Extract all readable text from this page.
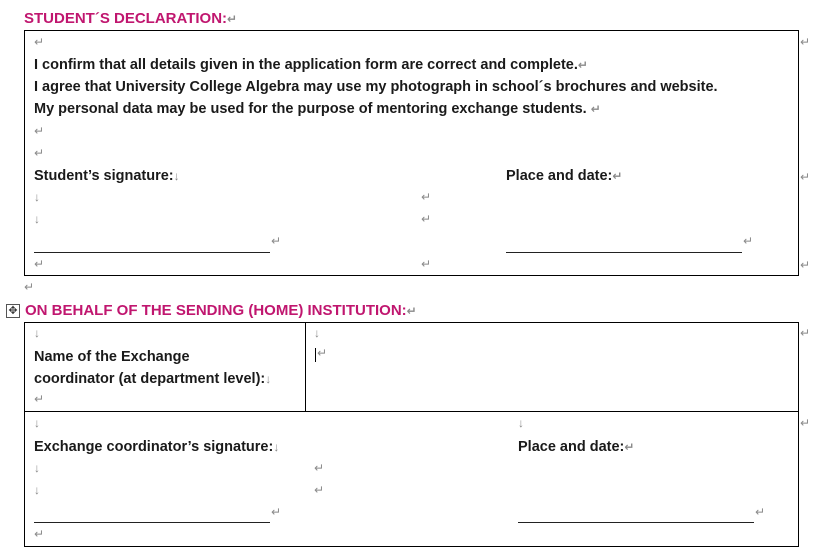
STUDENT´S DECLARATION:↵
↵	↵
I confirm that all details given in the application form are correct and complete.↵
I agree that University College Algebra may use my photograph in school´s brochures and website.
My personal data may be used for the purpose of mentoring exchange students. ↵
↵
↵
Student’s signature:↓	Place and date:↵	↵
↓
↓
↵
↵
↵	↵
↵	↵	↵
↵
✥ ON BEHALF OF THE SENDING (HOME) INSTITUTION:↵
↓	↓	↵
Name of the Exchange
coordinator (at department level):↓
↵
↵
↓	↓	↵
Exchange coordinator’s signature:↓	Place and date:↵
↓
↓
↵
↵
↵	↵
↵
